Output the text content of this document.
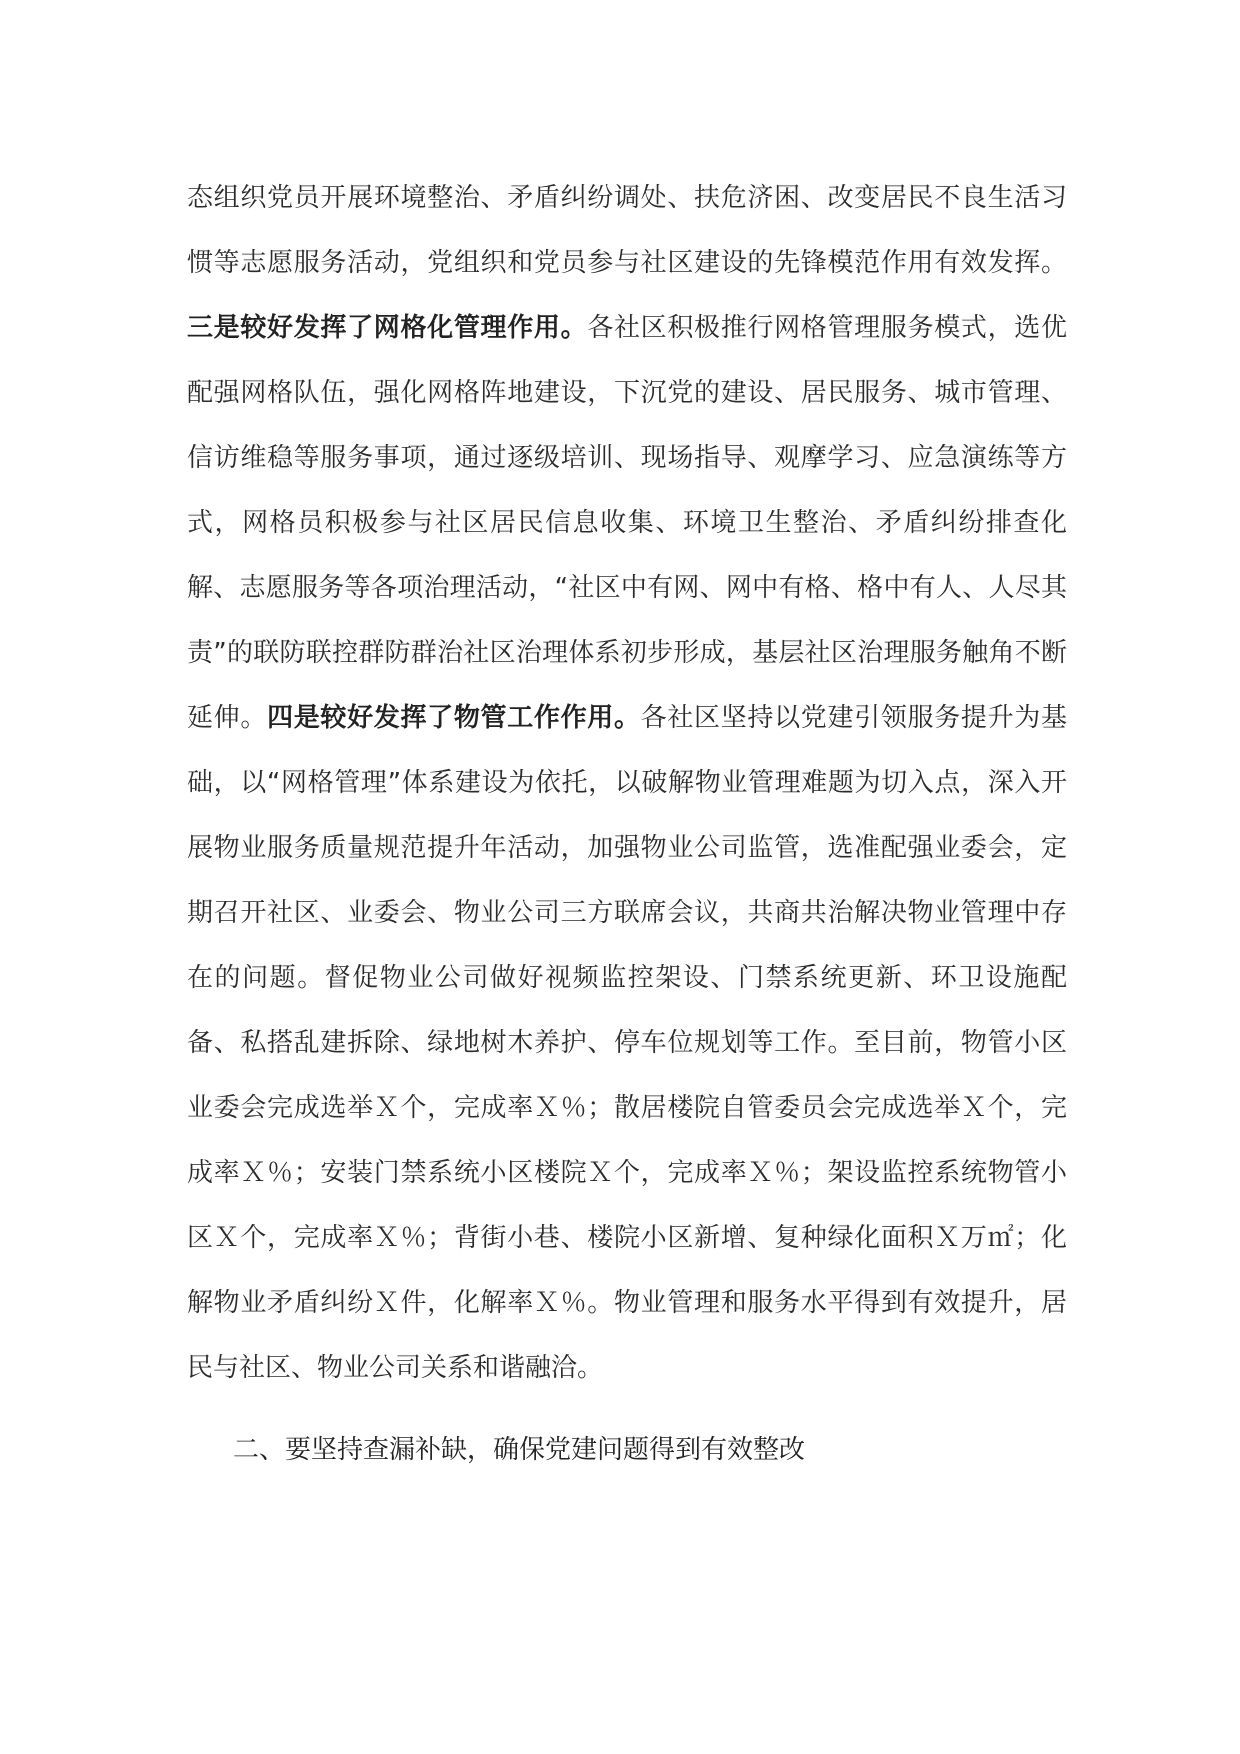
态组织党员开展环境整治、矛盾纠纷调处、扶危济困、改变居民不良生活习惯等志愿服务活动，党组织和党员参与社区建设的先锋模范作用有效发挥。三是较好发挥了网格化管理作用。各社区积极推行网格管理服务模式，选优配强网格队伍，强化网格阵地建设，下沉党的建设、居民服务、城市管理、信访维稳等服务事项，通过逐级培训、现场指导、观摩学习、应急演练等方式，网格员积极参与社区居民信息收集、环境卫生整治、矛盾纠纷排查化解、志愿服务等各项治理活动，“社区中有网、网中有格、格中有人、人尽其责”的联防联控群防群治社区治理体系初步形成，基层社区治理服务触角不断延伸。四是较好发挥了物管工作作用。各社区坚持以党建引领服务提升为基础，以“网格管理”体系建设为依托，以破解物业管理难题为切入点，深入开展物业服务质量规范提升年活动，加强物业公司监管，选准配强业委会，定期召开社区、业委会、物业公司三方联席会议，共商共治解决物业管理中存在的问题。督促物业公司做好视频监控架设、门禁系统更新、环卫设施配备、私搭乱建拆除、绿地树木养护、停车位规划等工作。至目前，物管小区业委会完成选举Ｘ个，完成率Ｘ％；散居楼院自管委员会完成选举Ｘ个，完成率Ｘ％；安装门禁系统小区楼院Ｘ个，完成率Ｘ％；架设监控系统物管小区Ｘ个，完成率Ｘ％；背街小巷、楼院小区新增、复种绿化面积Ｘ万㎡；化解物业矛盾纠纷Ｘ件，化解率Ｘ％。物业管理和服务水平得到有效提升，居民与社区、物业公司关系和谐融洽。

二、要坚持查漏补缺，确保党建问题得到有效整改
